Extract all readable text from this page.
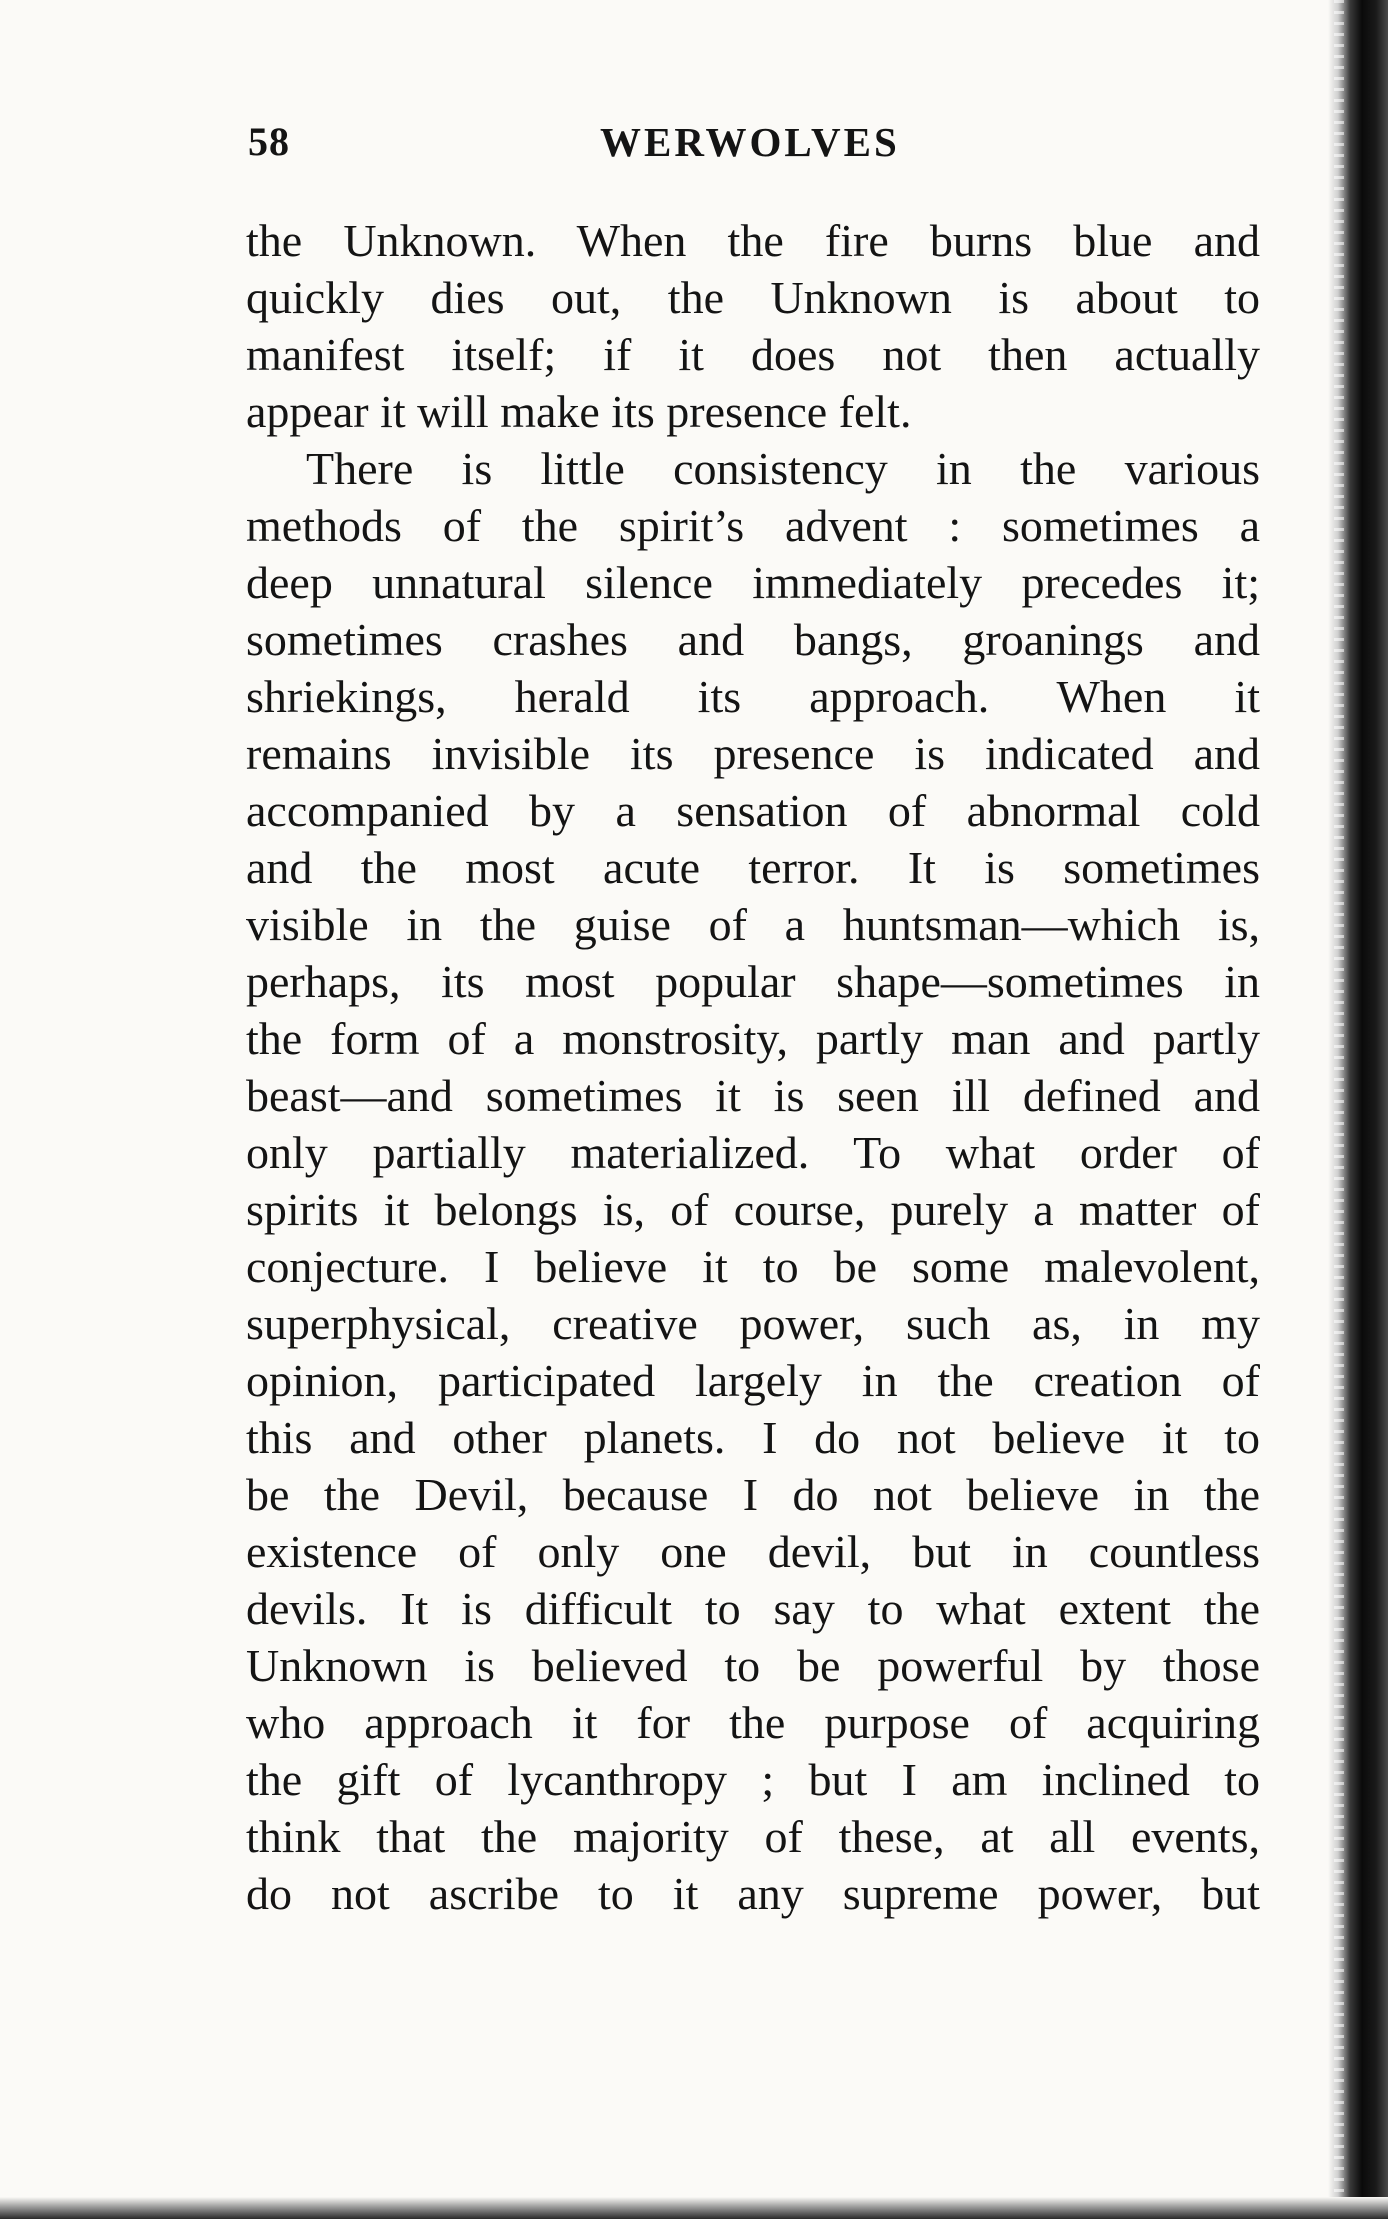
58	WERWOLVES
the Unknown. When the fire burns blue and
quickly dies out, the Unknown is about to
manifest itself; if it does not then actually
appear it will make its presence felt.
There is little consistency in the various
methods of the spirit’s advent : sometimes a
deep unnatural silence immediately precedes it;
sometimes crashes and bangs, groanings and
shriekings, herald its approach. When it
remains invisible its presence is indicated and
accompanied by a sensation of abnormal cold
and the most acute terror. It is sometimes
visible in the guise of a huntsman—which is,
perhaps, its most popular shape—sometimes in
the form of a monstrosity, partly man and partly
beast—and sometimes it is seen ill defined and
only partially materialized. To what order of
spirits it belongs is, of course, purely a matter of
conjecture. I believe it to be some malevolent,
superphysical, creative power, such as, in my
opinion, participated largely in the creation of
this and other planets. I do not believe it to
be the Devil, because I do not believe in the
existence of only one devil, but in countless
devils. It is difficult to say to what extent the
Unknown is believed to be powerful by those
who approach it for the purpose of acquiring
the gift of lycanthropy ; but I am inclined to
think that the majority of these, at all events,
do not ascribe to it any supreme power, but
